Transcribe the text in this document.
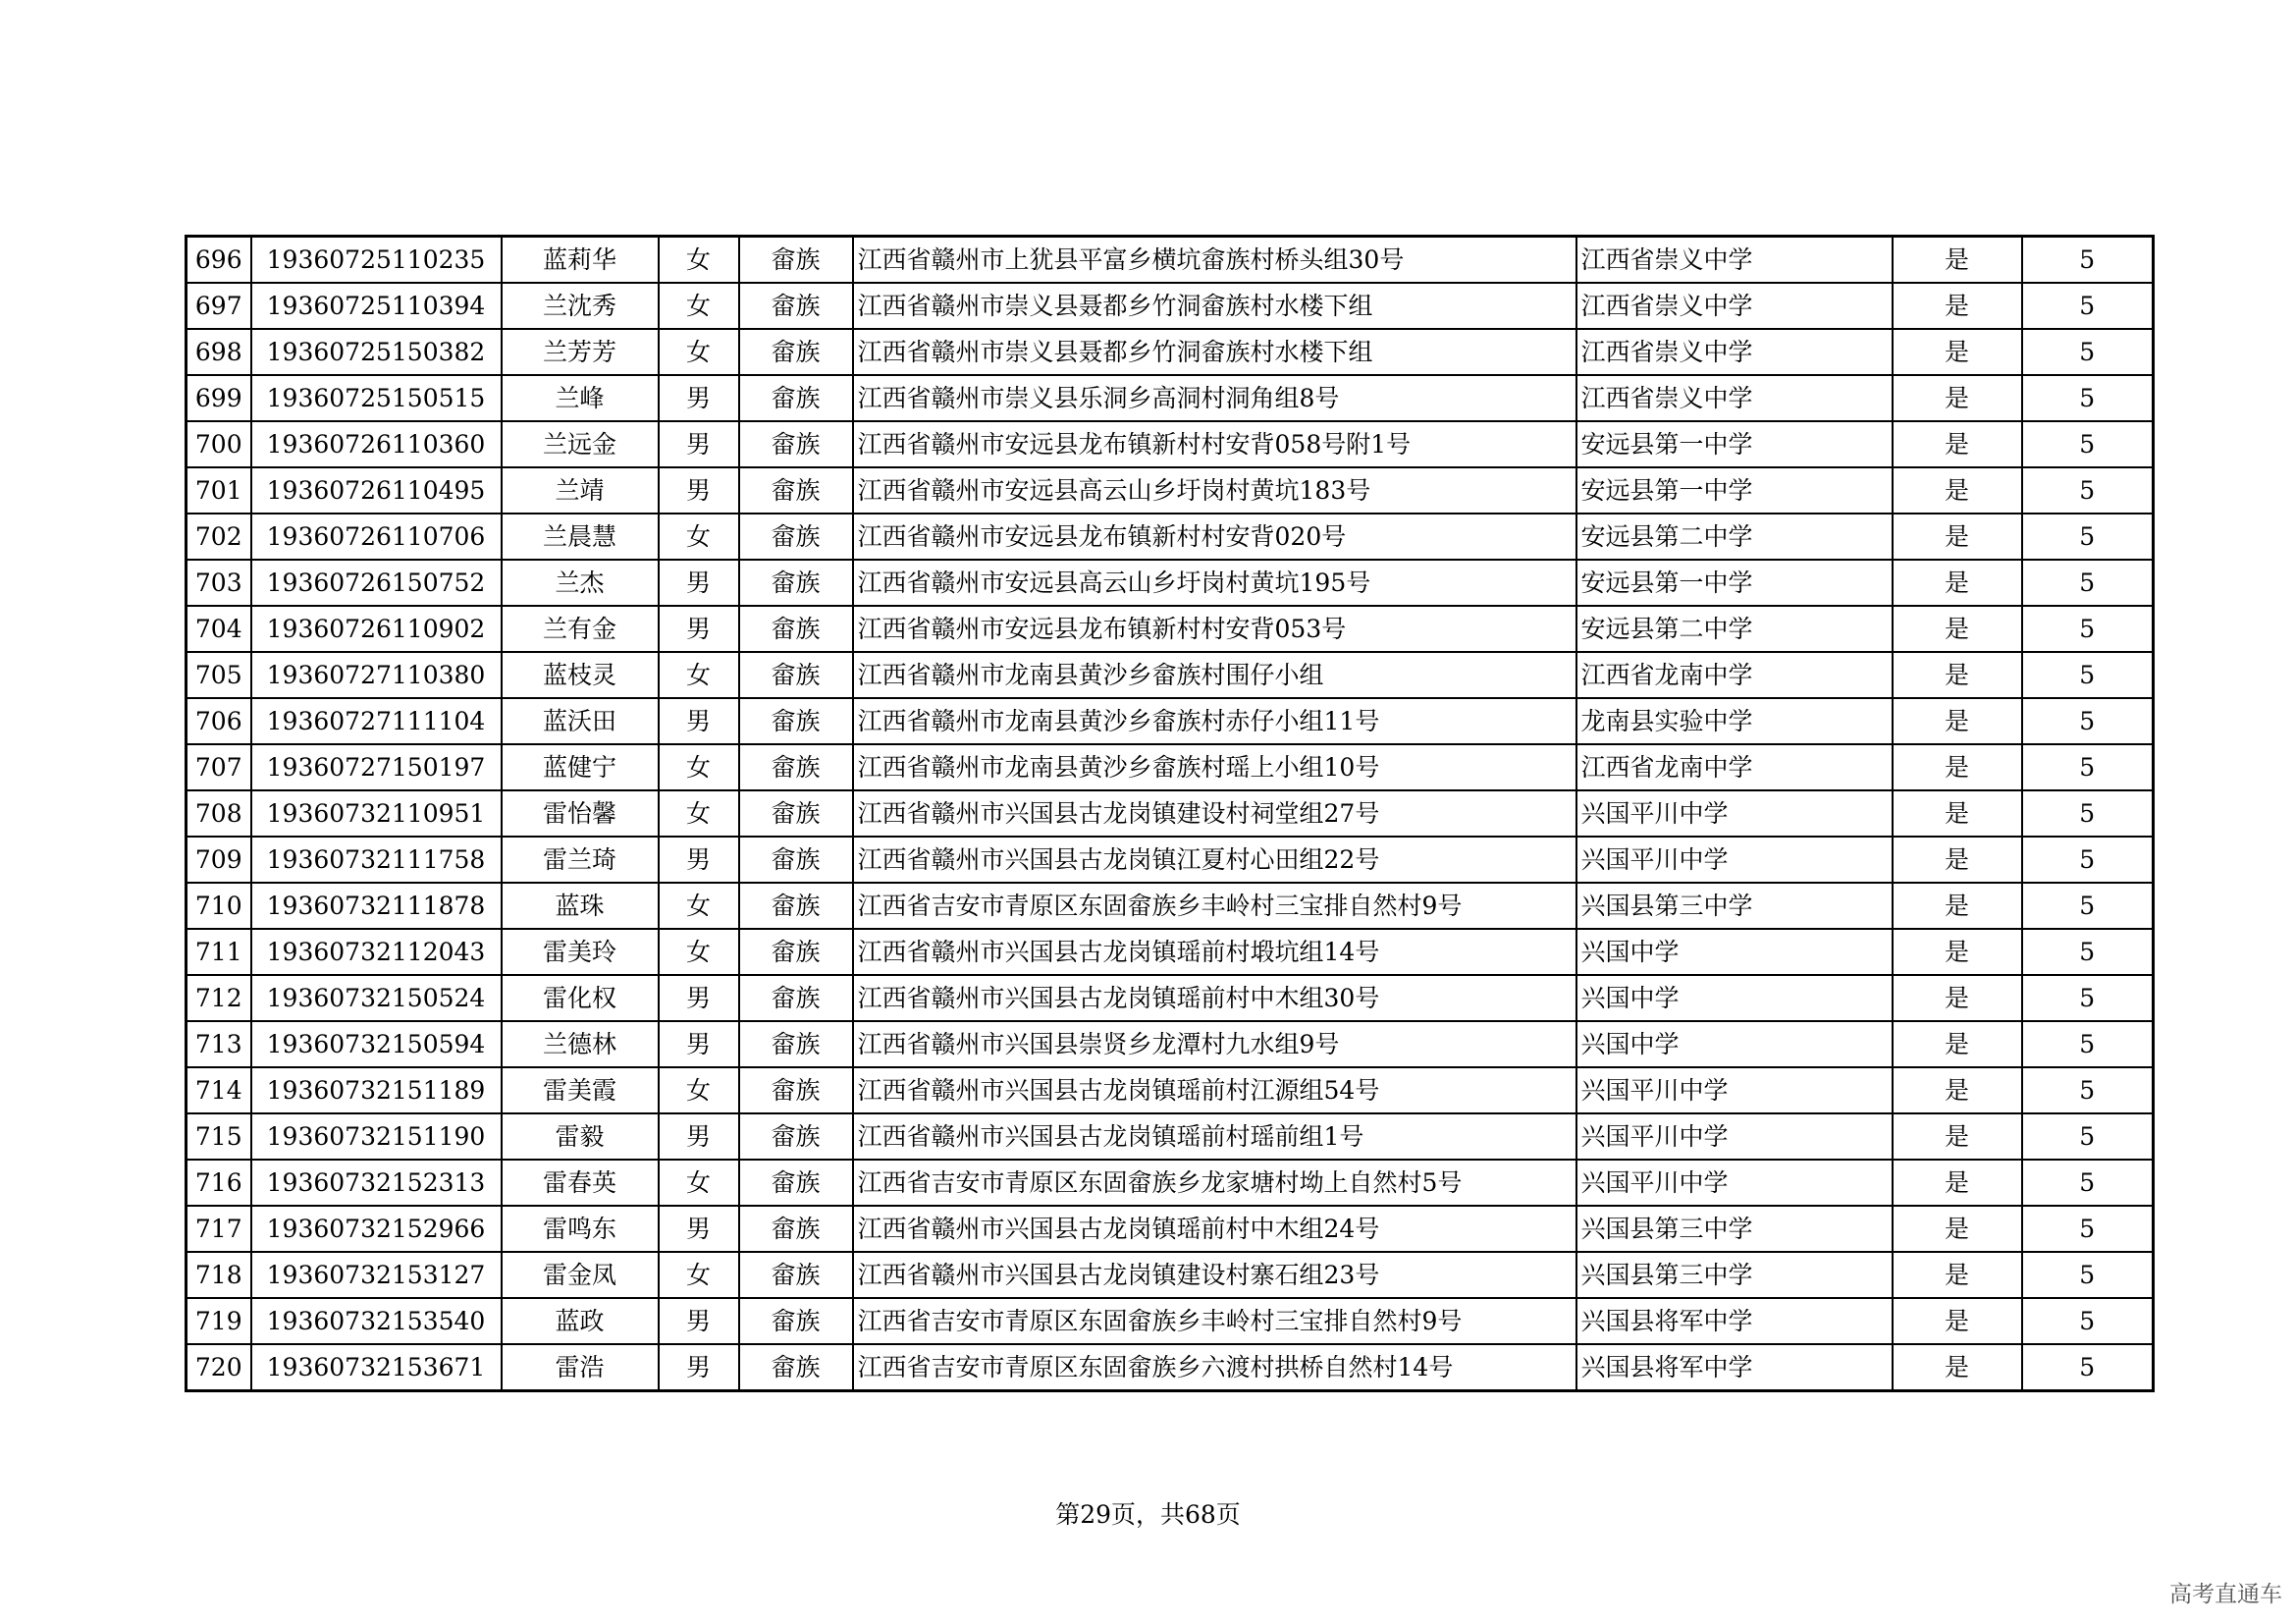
696	19360725110235	蓝莉华	女	畲族	江西省赣州市上犹县平富乡横坑畲族村桥头组30号	江西省崇义中学	是	5
697	19360725110394	兰沈秀	女	畲族	江西省赣州市崇义县聂都乡竹洞畲族村水楼下组	江西省崇义中学	是	5
698	19360725150382	兰芳芳	女	畲族	江西省赣州市崇义县聂都乡竹洞畲族村水楼下组	江西省崇义中学	是	5
699	19360725150515	兰峰	男	畲族	江西省赣州市崇义县乐洞乡高洞村洞角组8号	江西省崇义中学	是	5
700	19360726110360	兰远金	男	畲族	江西省赣州市安远县龙布镇新村村安背058号附1号	安远县第一中学	是	5
701	19360726110495	兰靖	男	畲族	江西省赣州市安远县高云山乡圩岗村黄坑183号	安远县第一中学	是	5
702	19360726110706	兰晨慧	女	畲族	江西省赣州市安远县龙布镇新村村安背020号	安远县第二中学	是	5
703	19360726150752	兰杰	男	畲族	江西省赣州市安远县高云山乡圩岗村黄坑195号	安远县第一中学	是	5
704	19360726110902	兰有金	男	畲族	江西省赣州市安远县龙布镇新村村安背053号	安远县第二中学	是	5
705	19360727110380	蓝枝灵	女	畲族	江西省赣州市龙南县黄沙乡畲族村围仔小组	江西省龙南中学	是	5
706	19360727111104	蓝沃田	男	畲族	江西省赣州市龙南县黄沙乡畲族村赤仔小组11号	龙南县实验中学	是	5
707	19360727150197	蓝健宁	女	畲族	江西省赣州市龙南县黄沙乡畲族村瑶上小组10号	江西省龙南中学	是	5
708	19360732110951	雷怡馨	女	畲族	江西省赣州市兴国县古龙岗镇建设村祠堂组27号	兴国平川中学	是	5
709	19360732111758	雷兰琦	男	畲族	江西省赣州市兴国县古龙岗镇江夏村心田组22号	兴国平川中学	是	5
710	19360732111878	蓝珠	女	畲族	江西省吉安市青原区东固畲族乡丰岭村三宝排自然村9号	兴国县第三中学	是	5
711	19360732112043	雷美玲	女	畲族	江西省赣州市兴国县古龙岗镇瑶前村塅坑组14号	兴国中学	是	5
712	19360732150524	雷化权	男	畲族	江西省赣州市兴国县古龙岗镇瑶前村中木组30号	兴国中学	是	5
713	19360732150594	兰德林	男	畲族	江西省赣州市兴国县崇贤乡龙潭村九水组9号	兴国中学	是	5
714	19360732151189	雷美霞	女	畲族	江西省赣州市兴国县古龙岗镇瑶前村江源组54号	兴国平川中学	是	5
715	19360732151190	雷毅	男	畲族	江西省赣州市兴国县古龙岗镇瑶前村瑶前组1号	兴国平川中学	是	5
716	19360732152313	雷春英	女	畲族	江西省吉安市青原区东固畲族乡龙家塘村坳上自然村5号	兴国平川中学	是	5
717	19360732152966	雷鸣东	男	畲族	江西省赣州市兴国县古龙岗镇瑶前村中木组24号	兴国县第三中学	是	5
718	19360732153127	雷金凤	女	畲族	江西省赣州市兴国县古龙岗镇建设村寨石组23号	兴国县第三中学	是	5
719	19360732153540	蓝政	男	畲族	江西省吉安市青原区东固畲族乡丰岭村三宝排自然村9号	兴国县将军中学	是	5
720	19360732153671	雷浩	男	畲族	江西省吉安市青原区东固畲族乡六渡村拱桥自然村14号	兴国县将军中学	是	5
第29页，共68页
高考直通车
